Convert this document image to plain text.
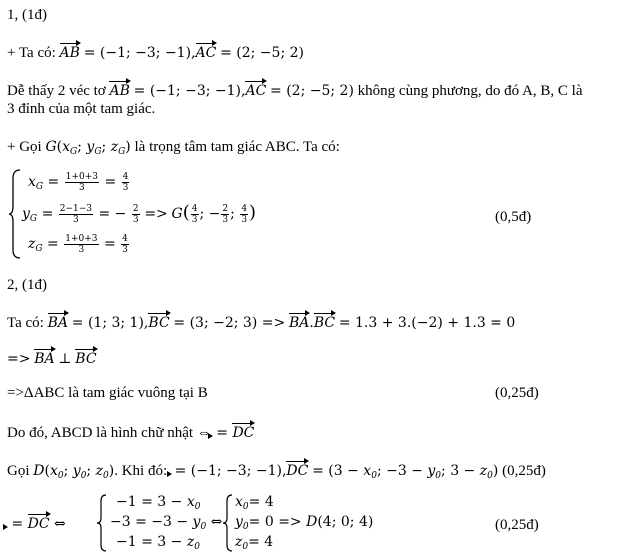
1, (1đ)
+ Ta có: AB = (−1; −3; −1),AC = (2; −5; 2)
Dễ thấy 2 véc tơ AB = (−1; −3; −1),AC = (2; −5; 2) không cùng phương, do đó A, B, C là
3 đỉnh của một tam giác.
+ Gọi $G(x_G$; $y_G$; $z_G$) là trọng tâm tam giác ABC. Ta có:
$x_G = \frac{1+0+3}{3} = \frac{4}{3}$
$y_G = \frac{2-1-3}{3}$ = − $\frac{2}{3} => G( \frac{4}{3}$ ; − $\frac{2}{3}$ ; $\frac{4}{3}$ )	(0,5đ)
$z_G = \frac{1+0+3}{3} = \frac{4}{3}$
2, (1đ)
Ta có: BA = (1; 3; 1),BC = (3; −2; 3) => BA.BC = 1.3 + 3.(−2) + 1.3 = 0
=> BA ⊥ BC
=>ΔABC là tam giác vuông tại B	(0,25đ)
Do đó, ABCD là hình chữ nhật ⇔ = DC
Gọi $D(x_0$; $y_0$; $z_0$). Khi đó: = (−1; −3; $-1),DC = (3 - x_0$; $-3 - y_0$; $3 - z_0$) (0,25đ)
= DC ⇔
$-1 = 3 - x_0$
$-3 = -3 - y_0$ ⇔
$-1 = 3 - z_0$
$x_0= 4$
$y_0= 0 => D(4$; 0; 4)
$z_0= 4$
(0,25đ)
